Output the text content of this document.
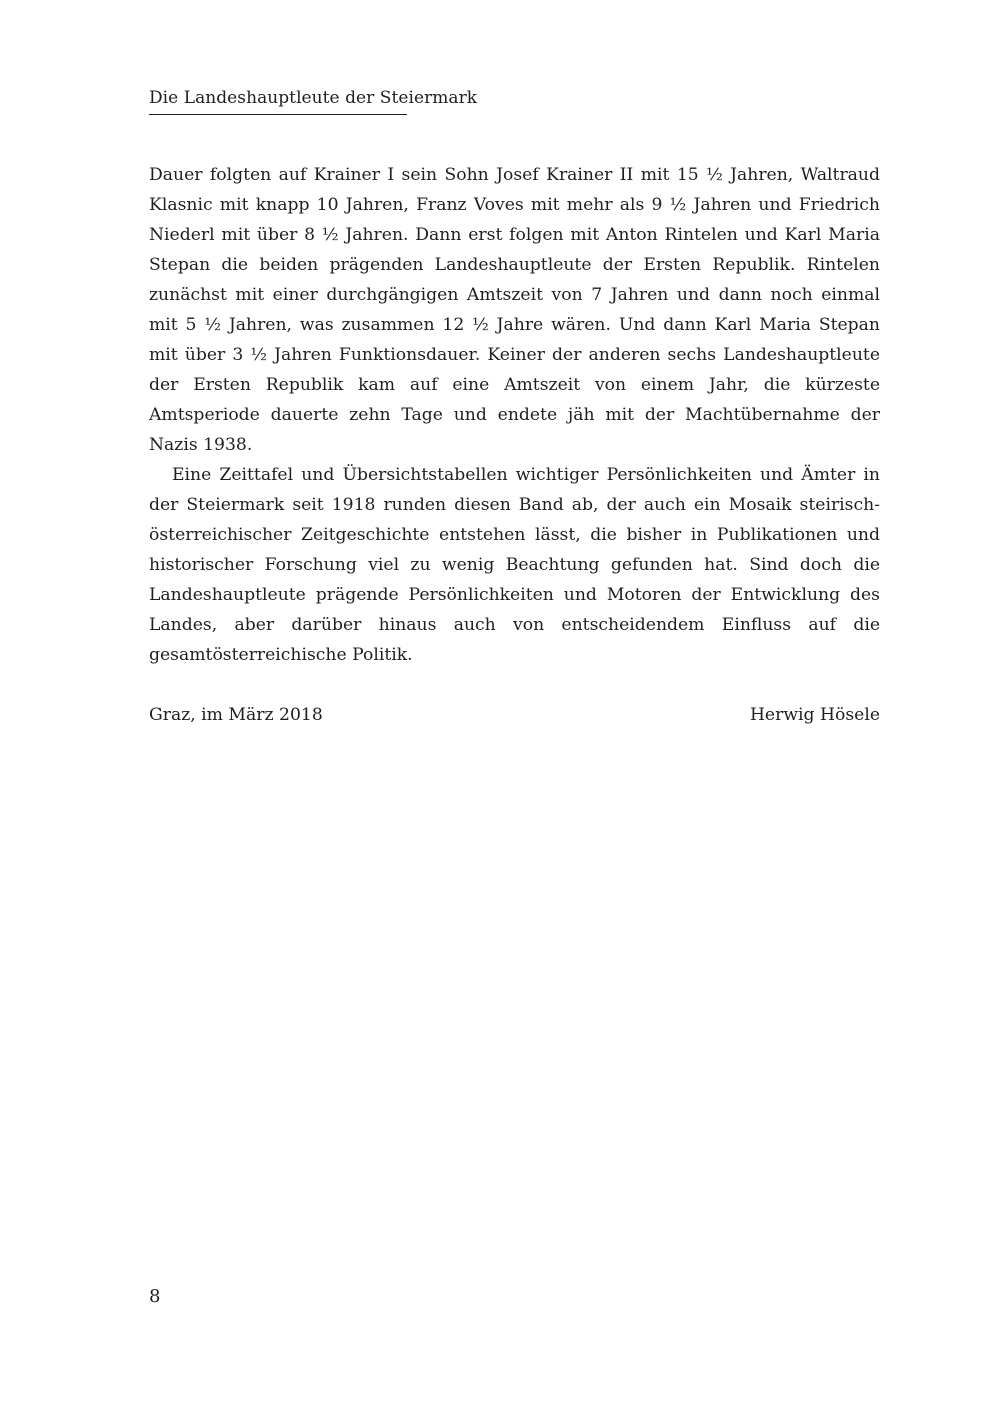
Die Landeshauptleute der Steiermark

Dauer folgten auf Krainer I sein Sohn Josef Krainer II mit 15 ½ Jahren, Waltraud Klasnic mit knapp 10 Jahren, Franz Voves mit mehr als 9 ½ Jahren und Friedrich Niederl mit über 8 ½ Jahren. Dann erst folgen mit Anton Rintelen und Karl Maria Stepan die beiden prägenden Landeshauptleute der Ersten Republik. Rintelen zunächst mit einer durchgängigen Amtszeit von 7 Jahren und dann noch einmal mit 5 ½ Jahren, was zusammen 12 ½ Jahre wären. Und dann Karl Maria Stepan mit über 3 ½ Jahren Funktionsdauer. Keiner der anderen sechs Landeshauptleute der Ersten Republik kam auf eine Amtszeit von einem Jahr, die kürzeste Amtsperiode dauerte zehn Tage und endete jäh mit der Machtübernahme der Nazis 1938.

Eine Zeittafel und Übersichtstabellen wichtiger Persönlichkeiten und Ämter in der Steiermark seit 1918 runden diesen Band ab, der auch ein Mosaik steirisch-österreichischer Zeitgeschichte entstehen lässt, die bisher in Publikationen und historischer Forschung viel zu wenig Beachtung gefunden hat. Sind doch die Landeshauptleute prägende Persönlichkeiten und Motoren der Entwicklung des Landes, aber darüber hinaus auch von entscheidendem Einfluss auf die gesamtösterreichische Politik.

Graz, im März 2018	Herwig Hösele
8
